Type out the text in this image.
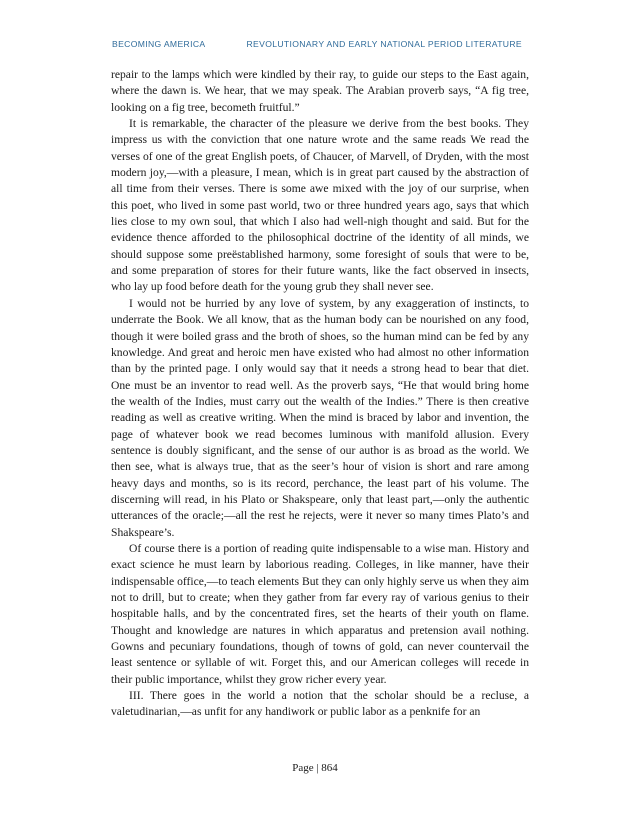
BECOMING AMERICA	REVOLUTIONARY AND EARLY NATIONAL PERIOD LITERATURE

repair to the lamps which were kindled by their ray, to guide our steps to the East again, where the dawn is. We hear, that we may speak. The Arabian proverb says, “A fig tree, looking on a fig tree, becometh fruitful.”

It is remarkable, the character of the pleasure we derive from the best books. They impress us with the conviction that one nature wrote and the same reads We read the verses of one of the great English poets, of Chaucer, of Marvell, of Dryden, with the most modern joy,—with a pleasure, I mean, which is in great part caused by the abstraction of all time from their verses. There is some awe mixed with the joy of our surprise, when this poet, who lived in some past world, two or three hundred years ago, says that which lies close to my own soul, that which I also had well-nigh thought and said. But for the evidence thence afforded to the philosophical doctrine of the identity of all minds, we should suppose some preëstablished harmony, some foresight of souls that were to be, and some preparation of stores for their future wants, like the fact observed in insects, who lay up food before death for the young grub they shall never see.

I would not be hurried by any love of system, by any exaggeration of instincts, to underrate the Book. We all know, that as the human body can be nourished on any food, though it were boiled grass and the broth of shoes, so the human mind can be fed by any knowledge. And great and heroic men have existed who had almost no other information than by the printed page. I only would say that it needs a strong head to bear that diet. One must be an inventor to read well. As the proverb says, “He that would bring home the wealth of the Indies, must carry out the wealth of the Indies.” There is then creative reading as well as creative writing. When the mind is braced by labor and invention, the page of whatever book we read becomes luminous with manifold allusion. Every sentence is doubly significant, and the sense of our author is as broad as the world. We then see, what is always true, that as the seer’s hour of vision is short and rare among heavy days and months, so is its record, perchance, the least part of his volume. The discerning will read, in his Plato or Shakspeare, only that least part,—only the authentic utterances of the oracle;—all the rest he rejects, were it never so many times Plato’s and Shakspeare’s.

Of course there is a portion of reading quite indispensable to a wise man. History and exact science he must learn by laborious reading. Colleges, in like manner, have their indispensable office,—to teach elements But they can only highly serve us when they aim not to drill, but to create; when they gather from far every ray of various genius to their hospitable halls, and by the concentrated fires, set the hearts of their youth on flame. Thought and knowledge are natures in which apparatus and pretension avail nothing. Gowns and pecuniary foundations, though of towns of gold, can never countervail the least sentence or syllable of wit. Forget this, and our American colleges will recede in their public importance, whilst they grow richer every year.

III. There goes in the world a notion that the scholar should be a recluse, a valetudinarian,—as unfit for any handiwork or public labor as a penknife for an

Page | 864
